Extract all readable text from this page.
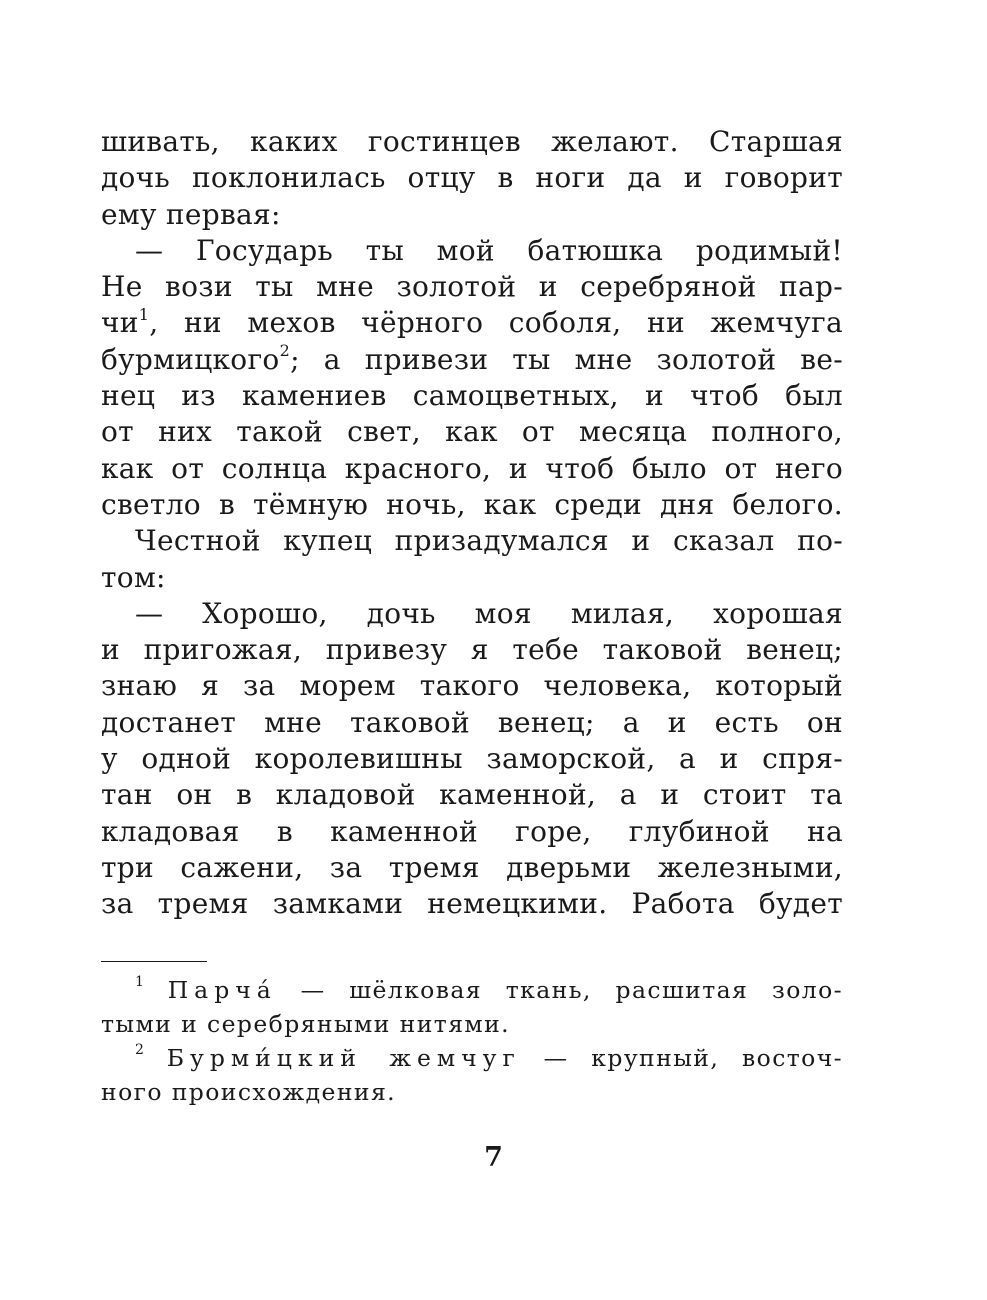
шивать, каких гостинцев желают. Старшая
дочь поклонилась отцу в ноги да и говорит
ему первая:
— Государь ты мой батюшка родимый!
Не вози ты мне золотой и серебряной пар-
$чи^1$, ни мехов чёрного соболя, ни жемчуга
бурмицкого$^2$; а привези ты мне золотой ве-
нец из камениев самоцветных, и чтоб был
от них такой свет, как от месяца полного,
как от солнца красного, и чтоб было от него
светло в тёмную ночь, как среди дня белого.
Честной купец призадумался и сказал по-
том:
— Хорошо, дочь моя милая, хорошая
и пригожая, привезу я тебе таковой венец;
знаю я за морем такого человека, который
достанет мне таковой венец; а и есть он
у одной королевишны заморской, а и спря-
тан он в кладовой каменной, а и стоит та
кладовая в каменной горе, глубиной на
три сажени, за тремя дверьми железными,
за тремя замками немецкими. Работа будет
$^1$ Парча́ — шёлковая ткань, расшитая золо-
тыми и серебряными нитями.
$^2$ Бурми́цкий жемчуг — крупный, восточ-
ного происхождения.
7
